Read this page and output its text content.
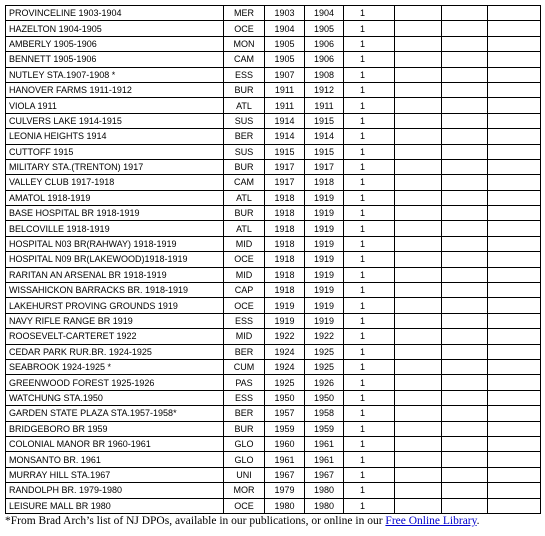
PROVINCELINE 1903-1904	MER	1903	1904	1			
HAZELTON 1904-1905	OCE	1904	1905	1			
AMBERLY 1905-1906	MON	1905	1906	1			
BENNETT 1905-1906	CAM	1905	1906	1			
NUTLEY STA.1907-1908 *	ESS	1907	1908	1			
HANOVER FARMS 1911-1912	BUR	1911	1912	1			
VIOLA 1911	ATL	1911	1911	1			
CULVERS LAKE 1914-1915	SUS	1914	1915	1			
LEONIA HEIGHTS 1914	BER	1914	1914	1			
CUTTOFF 1915	SUS	1915	1915	1			
MILITARY STA.(TRENTON) 1917	BUR	1917	1917	1			
VALLEY CLUB 1917-1918	CAM	1917	1918	1			
AMATOL 1918-1919	ATL	1918	1919	1			
BASE HOSPITAL BR 1918-1919	BUR	1918	1919	1			
BELCOVILLE 1918-1919	ATL	1918	1919	1			
HOSPITAL N03 BR(RAHWAY) 1918-1919	MID	1918	1919	1			
HOSPITAL N09 BR(LAKEWOOD)1918-1919	OCE	1918	1919	1			
RARITAN AN ARSENAL BR 1918-1919	MID	1918	1919	1			
WISSAHICKON BARRACKS BR. 1918-1919	CAP	1918	1919	1			
LAKEHURST PROVING GROUNDS 1919	OCE	1919	1919	1			
NAVY RIFLE RANGE BR 1919	ESS	1919	1919	1			
ROOSEVELT-CARTERET 1922	MID	1922	1922	1			
CEDAR PARK RUR.BR. 1924-1925	BER	1924	1925	1			
SEABROOK 1924-1925 *	CUM	1924	1925	1			
GREENWOOD FOREST 1925-1926	PAS	1925	1926	1			
WATCHUNG STA.1950	ESS	1950	1950	1			
GARDEN STATE PLAZA STA.1957-1958*	BER	1957	1958	1			
BRIDGEBORO BR 1959	BUR	1959	1959	1			
COLONIAL MANOR BR 1960-1961	GLO	1960	1961	1			
MONSANTO BR. 1961	GLO	1961	1961	1			
MURRAY HILL STA.1967	UNI	1967	1967	1			
RANDOLPH BR. 1979-1980	MOR	1979	1980	1			
LEISURE MALL BR 1980	OCE	1980	1980	1			
*From Brad Arch’s list of NJ DPOs, available in our publications, or online in our Free Online Library.
